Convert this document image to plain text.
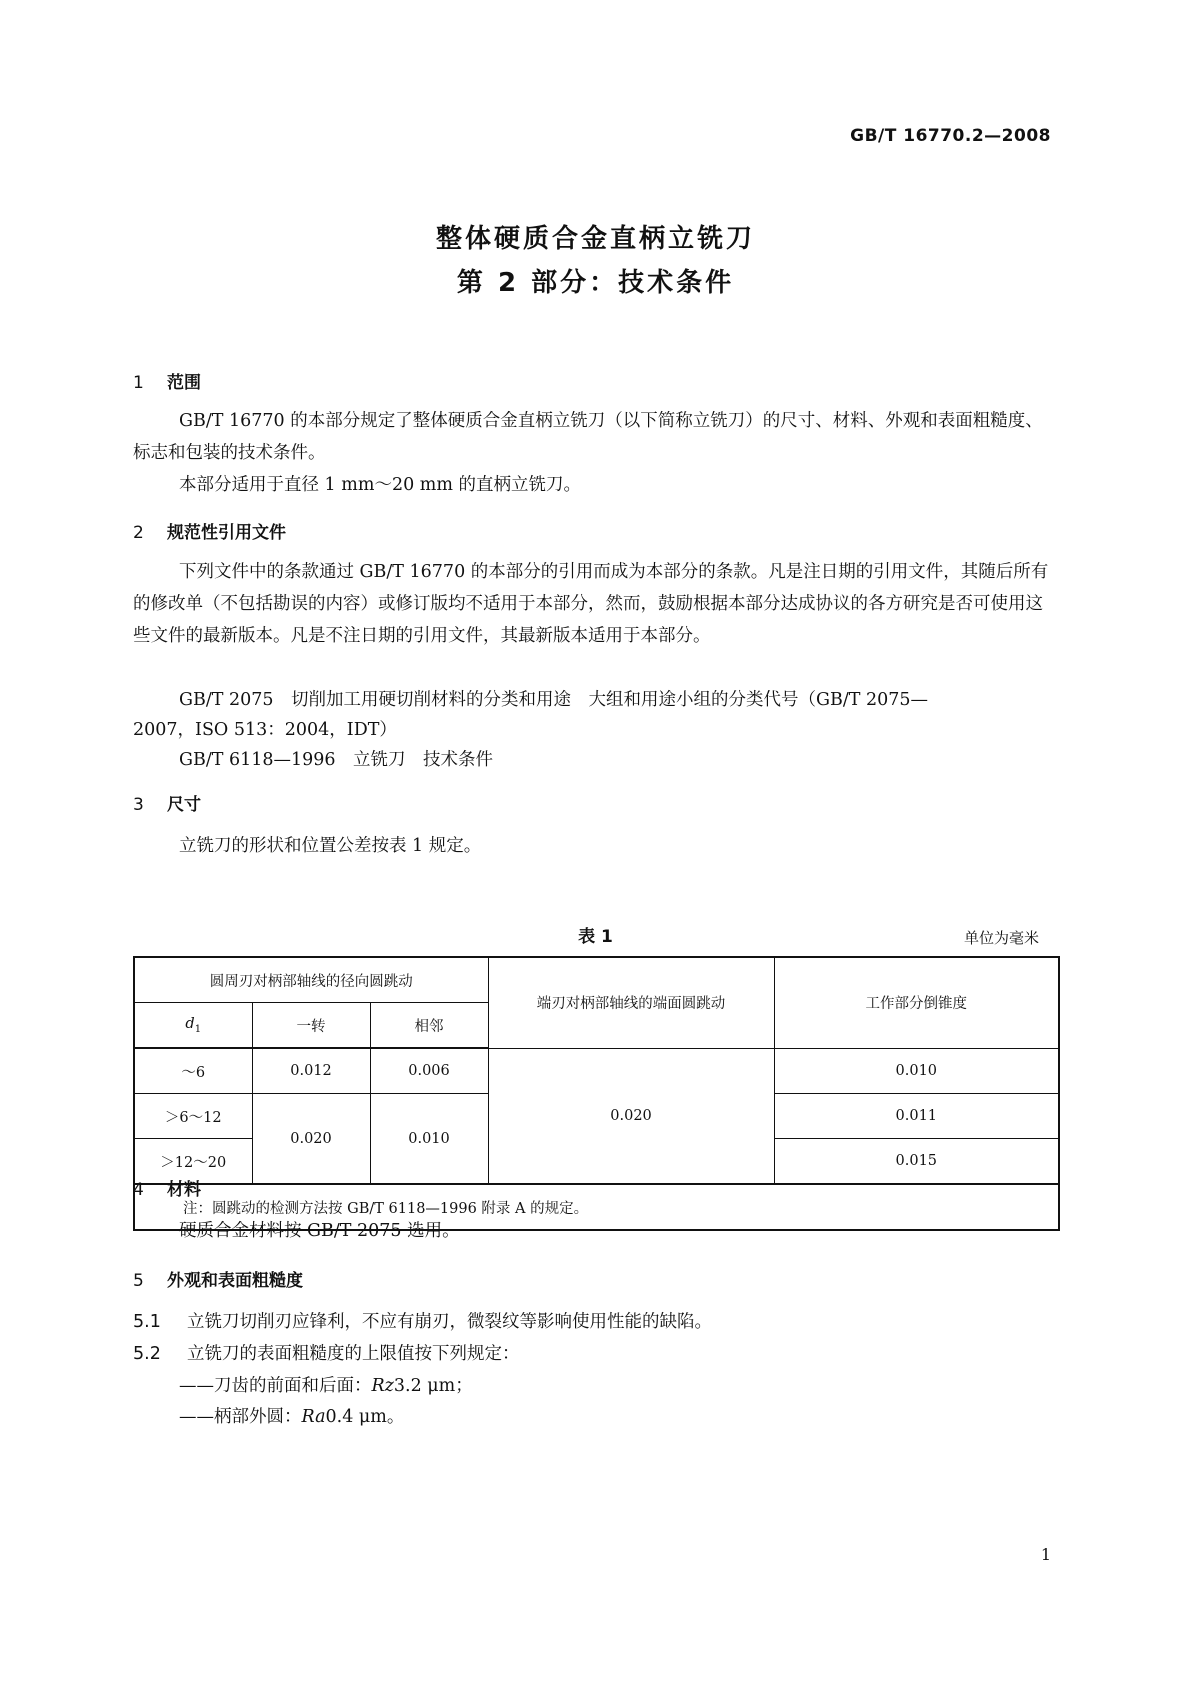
GB/T 16770.2—2008
整体硬质合金直柄立铣刀
第 2 部分：技术条件
1 范围
GB/T 16770 的本部分规定了整体硬质合金直柄立铣刀（以下简称立铣刀）的尺寸、材料、外观和表面粗糙度、标志和包装的技术条件。
本部分适用于直径 1 mm～20 mm 的直柄立铣刀。
2 规范性引用文件
下列文件中的条款通过 GB/T 16770 的本部分的引用而成为本部分的条款。凡是注日期的引用文件，其随后所有的修改单（不包括勘误的内容）或修订版均不适用于本部分，然而，鼓励根据本部分达成协议的各方研究是否可使用这些文件的最新版本。凡是不注日期的引用文件，其最新版本适用于本部分。
GB/T 2075　切削加工用硬切削材料的分类和用途　大组和用途小组的分类代号（GB/T 2075—
2007，ISO 513：2004，IDT）
GB/T 6118—1996　立铣刀　技术条件
3 尺寸
立铣刀的形状和位置公差按表 1 规定。
表 1	单位为毫米
圆周刃对柄部轴线的径向圆跳动			端刃对柄部轴线的端面圆跳动	工作部分倒锥度
$d_1$	一转	相邻		
～6	0.012	0.006	0.020	0.010
＞6～12	0.020	0.010		0.011
＞12～20				0.015
注：圆跳动的检测方法按 GB/T 6118—1996 附录 A 的规定。				
4 材料
硬质合金材料按 GB/T 2075 选用。
5 外观和表面粗糙度
5.1 立铣刀切削刃应锋利，不应有崩刃，微裂纹等影响使用性能的缺陷。
5.2 立铣刀的表面粗糙度的上限值按下列规定：
——刀齿的前面和后面：Rz3.2 μm；
——柄部外圆：Ra0.4 μm。
1
